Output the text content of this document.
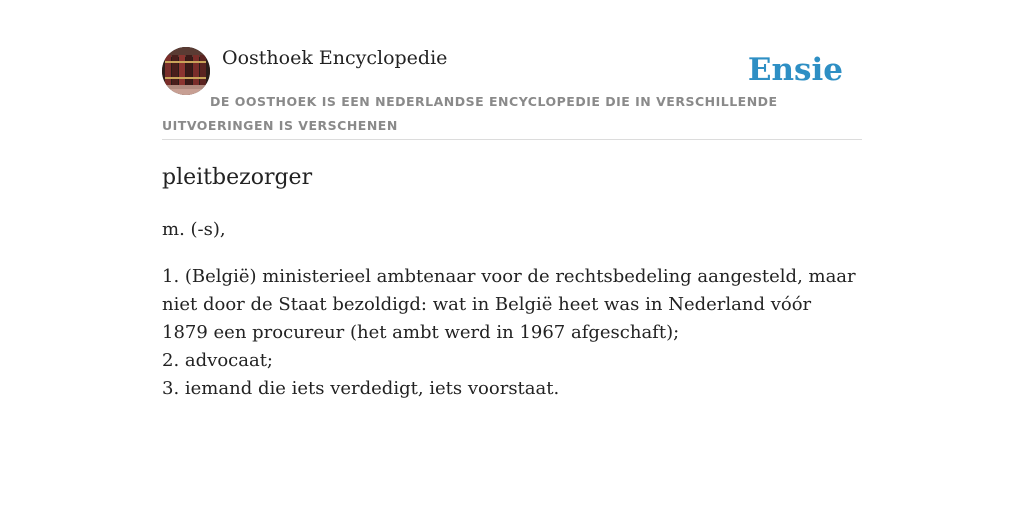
Oosthoek Encyclopedie	Ensie

DE OOSTHOEK IS EEN NEDERLANDSE ENCYCLOPEDIE DIE IN VERSCHILLENDE UITVOERINGEN IS VERSCHENEN

pleitbezorger

m. (-s),

1. (België) ministerieel ambtenaar voor de rechtsbedeling aangesteld, maar niet door de Staat bezoldigd: wat in België heet was in Nederland vóór 1879 een procureur (het ambt werd in 1967 afgeschaft);
2. advocaat;
3. iemand die iets verdedigt, iets voorstaat.
